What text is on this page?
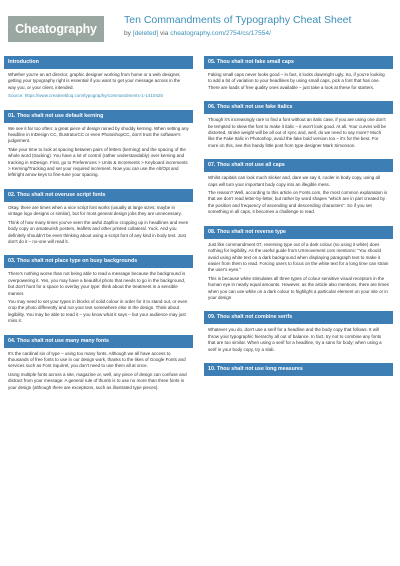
Cheatography
Ten Commandments of Typography Cheat Sheet
by [deleted] via cheatography.com/2754/cs/17554/
Introduction

Whether you're an art director, graphic designer working from home or a web designer, getting your typography right is essential if you want to get your message across in the way you, or your client, intended.

Source: https://www.creativebloq.com/typography/commandments-1-1410425

01. Thou shalt not use default kerning

We see it far too often: a great piece of design ruined by shoddy kerning. When setting any headline in InDesign CC, IllustratorCC or even PhotoshopCC, don't trust the software's judgement.

Take your time to look at spacing between pairs of letters (kerning) and the spacing of the whole word (tracking). You have a lot of control (rather understandably) over kerning and tracking in InDesign. First, go to Preferences > Units & Increments > Keyboard increments > Kerning/Tracking and set your required increment. Now you can use the Alt/Opt and left/right arrow keys to fine-tune your spacing.

02. Thou shalt not overuse script fonts

Okay, there are times when a nice script font works (usually at large sizes; maybe in vintage logo designs or similar), but for most general design jobs they are unnecessary.

Think of how many times you've seen the awful Zapfino cropping up in headlines and even body copy on amateurish posters, leaflets and other printed collateral. Yuck. And you definitely shouldn't be even thinking about using a script font of any kind in body text. Just don't do it – no-one will read it.

03. Thou shalt not place type on busy backgrounds

There's nothing worse than not being able to read a message because the background is overpowering it. Yes, you may have a beautiful photo that needs to go in the background, but don't hunt for a space to overlay your type: think about the treatment in a sensible manner.

You may need to set your types in blocks of solid colour in order for it to stand out, or even crop the photo differently and run your text somewhere else in the design. Think about legibility. You may be able to read it – you know what it says – but your audience may just miss it.

04. Thou shalt not use many many fonts

It's the cardinal sin of type – using too many fonts. Although we all have access to thousands of free fonts to use in our design work, thanks to the likes of Google Fonts and services such as Font Squirrel, you don't need to use them all at once.

Using multiple fonts across a site, magazine or, well, any piece of design can confuse and distract from your message. A general rule of thumb is to use no more than three fonts in your design (although there are exceptions, such as illustrated type pieces).

05. Thou shalt not fake small caps

Faking small caps never looks good – in fact, it looks downright ugly. So, if you're looking to add a bit of variation to your headlines by using small caps, pick a font that has one. There are loads of free quality ones available – just take a look at these for starters.

06. Thou shalt not use fake italics

Though it's increasingly rare to find a font without an italic case, if you are using one don't be tempted to skew the font to make it italic – it won't look good. At all. Your curves will be distorted, stroke weight will be all out of sync and, well, do we need to say more? Much like the Fake Italic in Photoshop, avoid the fake bold version too – it's for the best. For more on this, see this handy little post from type designer Mark Simonson.

07. Thou shalt not use all caps

Whilst capitals can look much slicker and, dare we say it, cooler in body copy, using all caps will turn your important body copy into an illegible mess.

The reason? Well, according to this article on Fonts.com, the most common explanation is that we don't read letter-by-letter, but rather by word shapes "which are in part created by the position and frequency of ascending and descending characters". So if you set something in all caps, it becomes a challenge to read.

08. Thou shalt not reverse type

Just like commandment 07, reversing type out of a dark colour (so using it white) does nothing for legibility. As the useful guide from UXmovement.com mentions: "You should avoid using white text on a dark background when displaying paragraph text to make it easier from them to read. Forcing users to focus on the white text for a long time can strain the user's eyes."

This is because white stimulates all three types of colour sensitive visual receptors in the human eye in nearly equal amounts. However, as the article also mentions, there are times when you can use white on a dark colour to highlight a particular element on your site or in your design

09. Thou shalt not combine serifs

Whatever you do, don't use a serif for a headline and the body copy that follows. It will throw your typographic hierarchy all out of balance. In fact, try not to combine any fonts that are too similar. When using a serif for a headline, try a sans for body; when using a serif in your body copy, try a slab.

10. Thou shalt not use long measures
